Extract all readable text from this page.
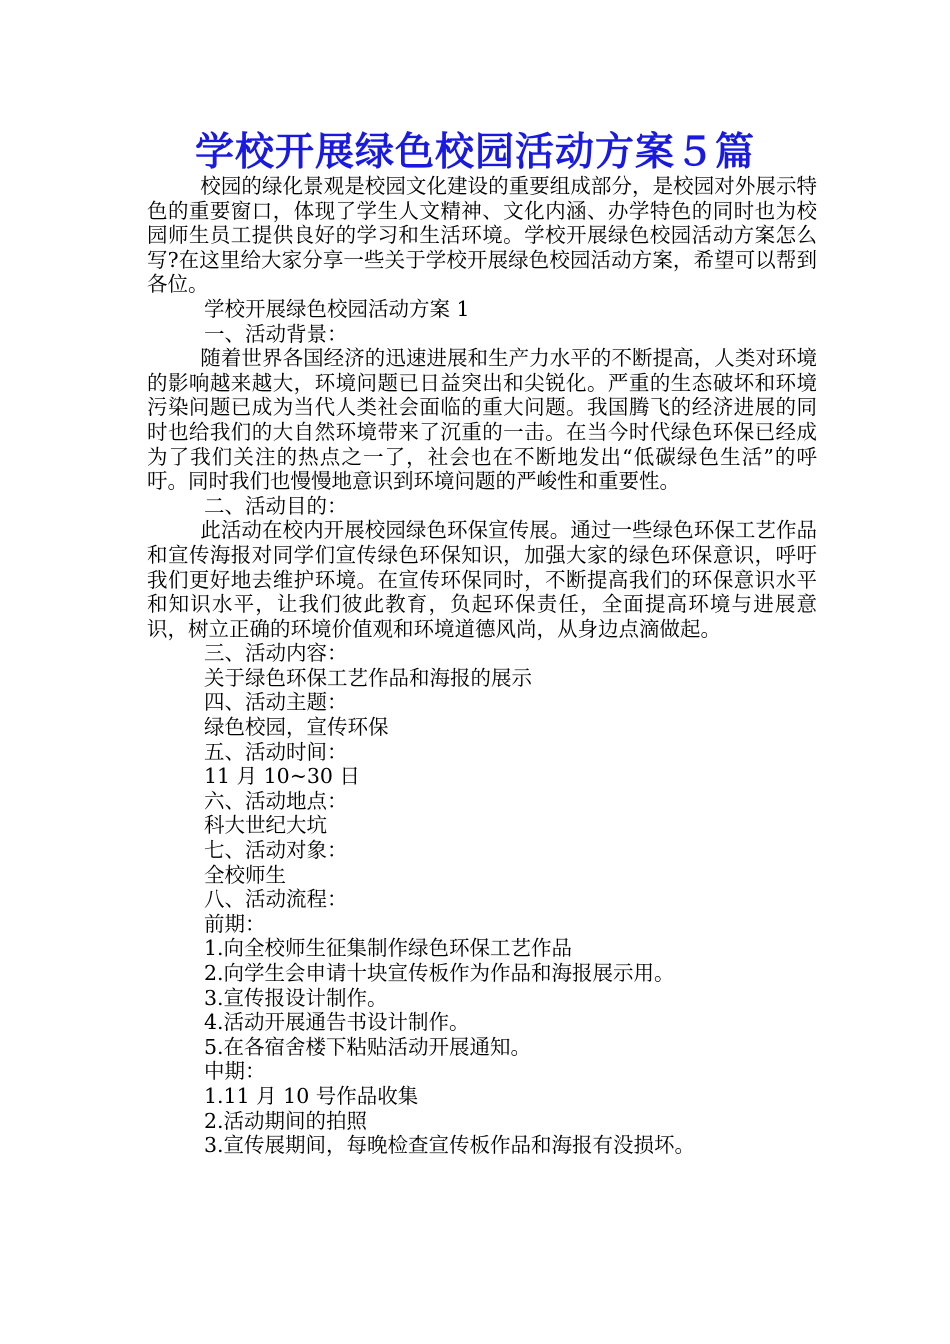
学校开展绿色校园活动方案５篇

校园的绿化景观是校园文化建设的重要组成部分，是校园对外展示特色的重要窗口，体现了学生人文精神、文化内涵、办学特色的同时也为校园师生员工提供良好的学习和生活环境。学校开展绿色校园活动方案怎么写?在这里给大家分享一些关于学校开展绿色校园活动方案，希望可以帮到各位。

学校开展绿色校园活动方案 1

一、活动背景：

随着世界各国经济的迅速进展和生产力水平的不断提高，人类对环境的影响越来越大，环境问题已日益突出和尖锐化。严重的生态破坏和环境污染问题已成为当代人类社会面临的重大问题。我国腾飞的经济进展的同时也给我们的大自然环境带来了沉重的一击。在当今时代绿色环保已经成为了我们关注的热点之一了，社会也在不断地发出“低碳绿色生活”的呼吁。同时我们也慢慢地意识到环境问题的严峻性和重要性。

二、活动目的：

此活动在校内开展校园绿色环保宣传展。通过一些绿色环保工艺作品和宣传海报对同学们宣传绿色环保知识，加强大家的绿色环保意识，呼吁我们更好地去维护环境。在宣传环保同时，不断提高我们的环保意识水平和知识水平，让我们彼此教育，负起环保责任，全面提高环境与进展意识，树立正确的环境价值观和环境道德风尚，从身边点滴做起。

三、活动内容：

关于绿色环保工艺作品和海报的展示

四、活动主题：

绿色校园，宣传环保

五、活动时间：

11 月 10~30 日

六、活动地点：

科大世纪大坑

七、活动对象：

全校师生

八、活动流程：

前期：

1.向全校师生征集制作绿色环保工艺作品

2.向学生会申请十块宣传板作为作品和海报展示用。

3.宣传报设计制作。

4.活动开展通告书设计制作。

5.在各宿舍楼下粘贴活动开展通知。

中期：

1.11 月 10 号作品收集

2.活动期间的拍照

3.宣传展期间，每晚检查宣传板作品和海报有没损坏。
